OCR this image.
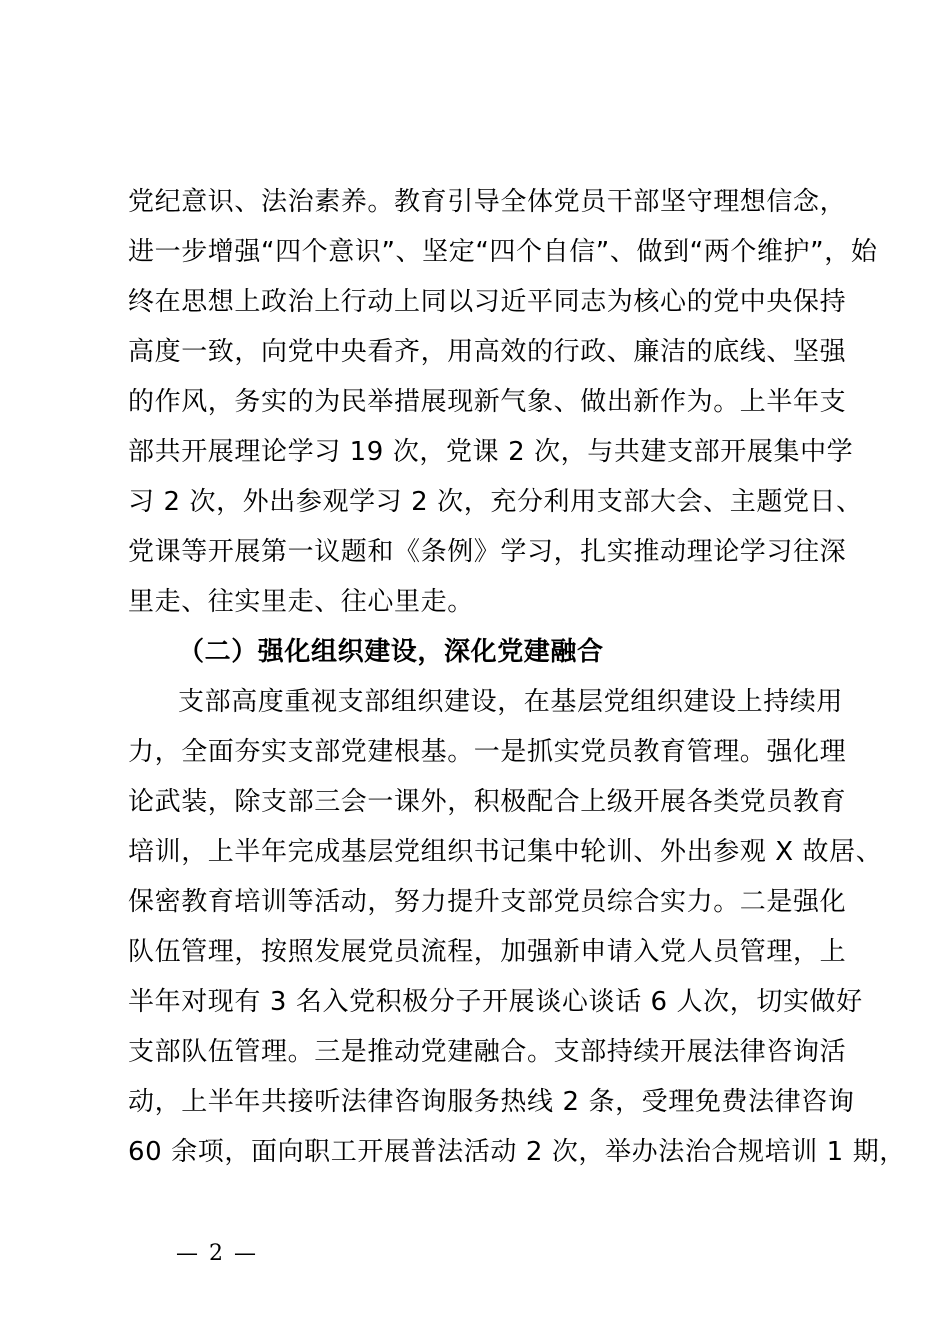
党纪意识、法治素养。教育引导全体党员干部坚守理想信念，
进一步增强“四个意识”、坚定“四个自信”、做到“两个维护”，始
终在思想上政治上行动上同以习近平同志为核心的党中央保持
高度一致，向党中央看齐，用高效的行政、廉洁的底线、坚强
的作风，务实的为民举措展现新气象、做出新作为。上半年支
部共开展理论学习 19 次，党课 2 次，与共建支部开展集中学
习 2 次，外出参观学习 2 次，充分利用支部大会、主题党日、
党课等开展第一议题和《条例》学习，扎实推动理论学习往深
里走、往实里走、往心里走。
（二）强化组织建设，深化党建融合
支部高度重视支部组织建设，在基层党组织建设上持续用
力，全面夯实支部党建根基。一是抓实党员教育管理。强化理
论武装，除支部三会一课外，积极配合上级开展各类党员教育
培训，上半年完成基层党组织书记集中轮训、外出参观 X 故居、
保密教育培训等活动，努力提升支部党员综合实力。二是强化
队伍管理，按照发展党员流程，加强新申请入党人员管理，上
半年对现有 3 名入党积极分子开展谈心谈话 6 人次，切实做好
支部队伍管理。三是推动党建融合。支部持续开展法律咨询活
动，上半年共接听法律咨询服务热线 2 条，受理免费法律咨询
60 余项，面向职工开展普法活动 2 次，举办法治合规培训 1 期，
— 2 —
